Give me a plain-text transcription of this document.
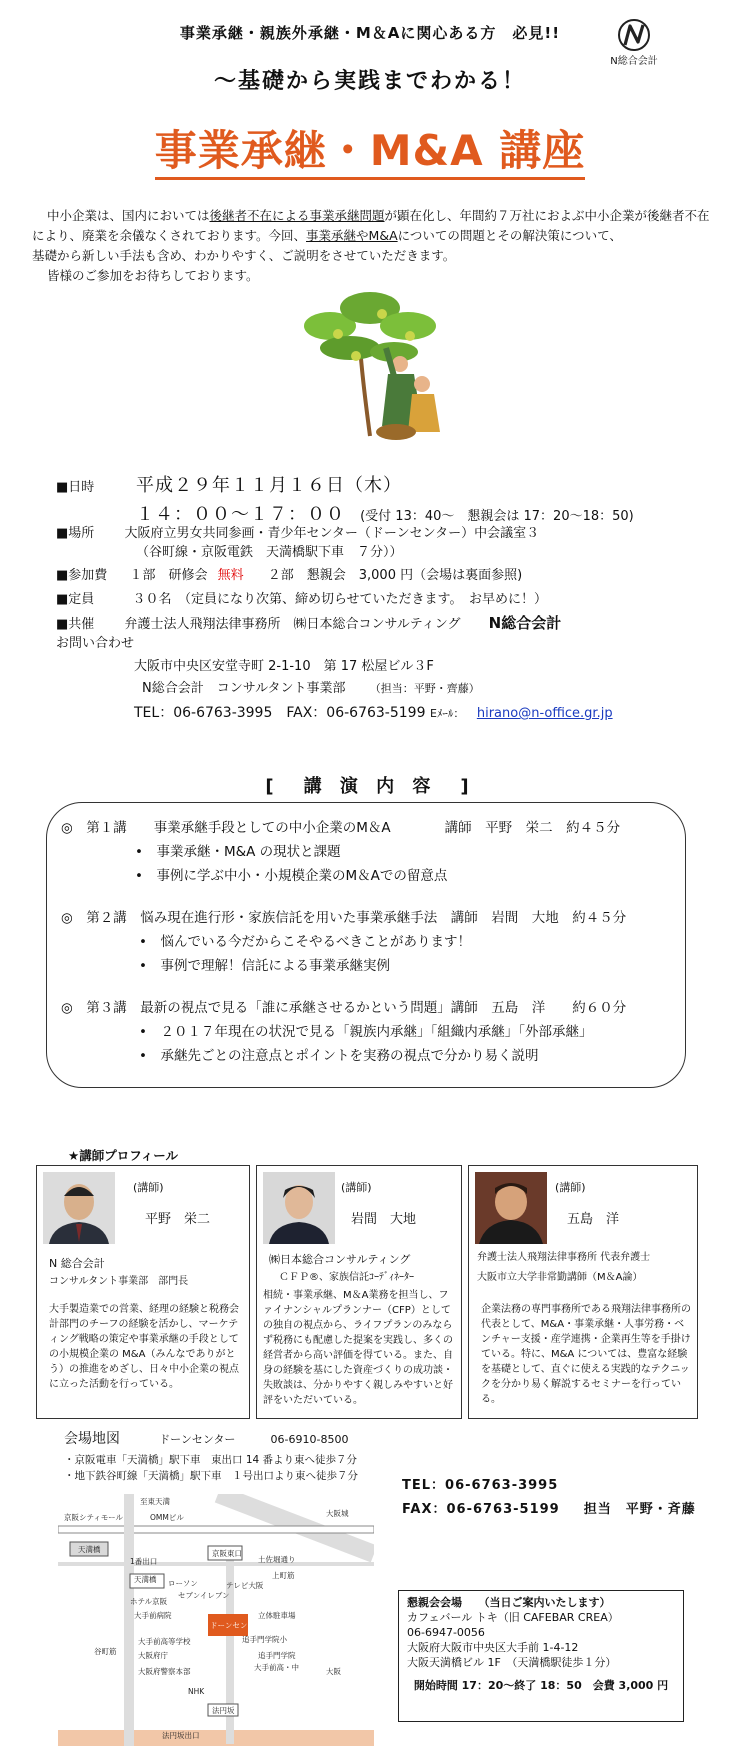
事業承継・親族外承継・M＆Aに関心ある方　必見!!
N総合会計
〜基礎から実践までわかる！
事業承継・M&A 講座

中小企業は、国内においては後継者不在による事業承継問題が顕在化し、年間約７万社におよぶ中小企業が後継者不在により、廃業を余儀なくされております。今回、事業承継やM&Aについての問題とその解決策について、

基礎から新しい手法も含め、わかりやすく、ご説明をさせていただきます。

皆様のご参加をお待ちしております。

■日時 平成２９年１１月１６日（木）
１４：００〜１７：００ (受付 13：40〜　懇親会は 17：20〜18：50)
■場所 大阪府立男女共同参画・青少年センター（ドーンセンター）中会議室３
（谷町線・京阪電鉄　天満橋駅下車　７分））
■参加費 １部　研修会 無料 ２部　懇親会　3,000 円（会場は裏面参照)
■定員	３０名　（定員になり次第、締め切らせていただきます。　お早めに！）
■共催 弁護士法人飛翔法律事務所　㈱日本総合コンサルティング N総合会計
お問い合わせ
大阪市中央区安堂寺町 2-1-10　第 17 松屋ビル３F
N総合会計　コンサルタント事業部 （担当：平野・齊藤）
TEL：06-6763-3995　FAX：06-6763-5199 Eﾒｰﾙ： hirano@n-office.gr.jp
[　講 演 内 容　]
◎　第１講　　事業承継手段としての中小企業のM＆A　　　　講師　平野　栄二　約４５分
•　事業承継・M&A の現状と課題
•　事例に学ぶ中小・小規模企業のM＆Aでの留意点
◎　第２講　悩み現在進行形・家族信託を用いた事業承継手法　講師　岩間　大地　約４５分
•　悩んでいる今だからこそやるべきことがあります！
•　事例で理解！信託による事業承継実例
◎　第３講　最新の視点で見る「誰に承継させるかという問題」講師　五島　洋　　約６０分
•　２０１７年現在の状況で見る「親族内承継」「組織内承継」「外部承継」
•　承継先ごとの注意点とポイントを実務の視点で分かり易く説明
★講師プロフィール
(講師)
平野　栄二
N 総合会計
コンサルタント事業部　部門長
大手製造業での営業、経理の経験と税務会計部門のチーフの経験を活かし、マーケティング戦略の策定や事業承継の手段としての小規模企業の M&A（みんなでありがとう）の推進をめざし、日々中小企業の視点に立った活動を行っている。
(講師)
岩間　大地
㈱日本総合コンサルティング
ＣＦＰ®、家族信託ｺｰﾃﾞｨﾈｰﾀｰ
相続・事業承継、M＆A業務を担当し、ファイナンシャルプランナー（CFP）としての独自の視点から、ライフプランのみならず税務にも配慮した提案を実践し、多くの経営者から高い評価を得ている。また、自身の経験を基にした資産づくりの成功談・失敗談は、分かりやすく親しみやすいと好評をいただいている。
(講師)
五島　洋
弁護士法人飛翔法律事務所 代表弁護士
大阪市立大学非常勤講師（M＆A論）
企業法務の専門事務所である飛翔法律事務所の代表として、M&A・事業承継・人事労務・ベンチャー支援・産学連携・企業再生等を手掛けている。特に、M&A については、豊富な経験を基礎として、直ぐに使える実践的なテクニックを分かり易く解説するセミナーを行っている。
会場地図	ドーンセンター	06-6910-8500
・京阪電車「天満橋」駅下車　東出口 14 番より東へ徒歩７分
・地下鉄谷町線「天満橋」駅下車　１号出口より東へ徒歩７分
至東天満
京阪シティモール	OMMビル
天満橋	京阪東口
大阪城
1番出口
ローソン
天満橋
セブンイレブン
テレビ大阪
ホテル京阪
大手前病院
ドーンセンター
立体駐車場
追手門学院小
大手前高等学校
大阪府庁	追手門学院
大手前高・中
大阪府警察本部
NHK
法円坂
谷町筋
上町筋
土佐堀通り
法円坂出口
大阪
TEL：06-6763-3995
FAX：06-6763-5199 担当　平野・斉藤
懇親会会場　　（当日ご案内いたします）
カフェバール トキ（旧 CAFEBAR CREA）
06-6947-0056
大阪府大阪市中央区大手前 1-4-12
大阪天満橋ビル 1F　（天満橋駅徒歩１分）
開始時間 17：20〜終了 18：50　会費 3,000 円
